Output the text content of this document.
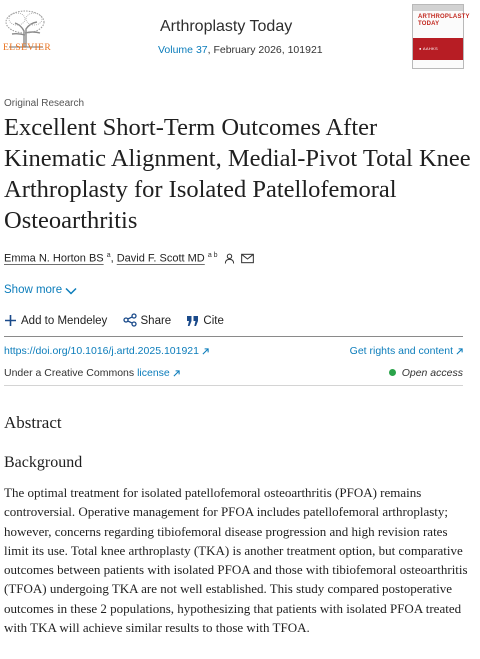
ELSEVIER
Arthroplasty Today
Volume 37, February 2026, 101921
ARTHROPLASTY TODAY
● AAHKS
Original Research
Excellent Short-Term Outcomes After Kinematic Alignment, Medial-Pivot Total Knee Arthroplasty for Isolated Patellofemoral Osteoarthritis
Emma N. Horton BS $^a$, David F. Scott MD $^{a b}$
Show more
Add to Mendeley	Share	Cite
https://doi.org/10.1016/j.artd.2025.101921	Get rights and content
Under a Creative Commons license	Open access
Abstract
Background

The optimal treatment for isolated patellofemoral osteoarthritis (PFOA) remains controversial. Operative management for PFOA includes patellofemoral arthroplasty; however, concerns regarding tibiofemoral disease progression and high revision rates limit its use. Total knee arthroplasty (TKA) is another treatment option, but comparative outcomes between patients with isolated PFOA and those with tibiofemoral osteoarthritis (TFOA) undergoing TKA are not well established. This study compared postoperative outcomes in these 2 populations, hypothesizing that patients with isolated PFOA treated with TKA will achieve similar results to those with TFOA.
